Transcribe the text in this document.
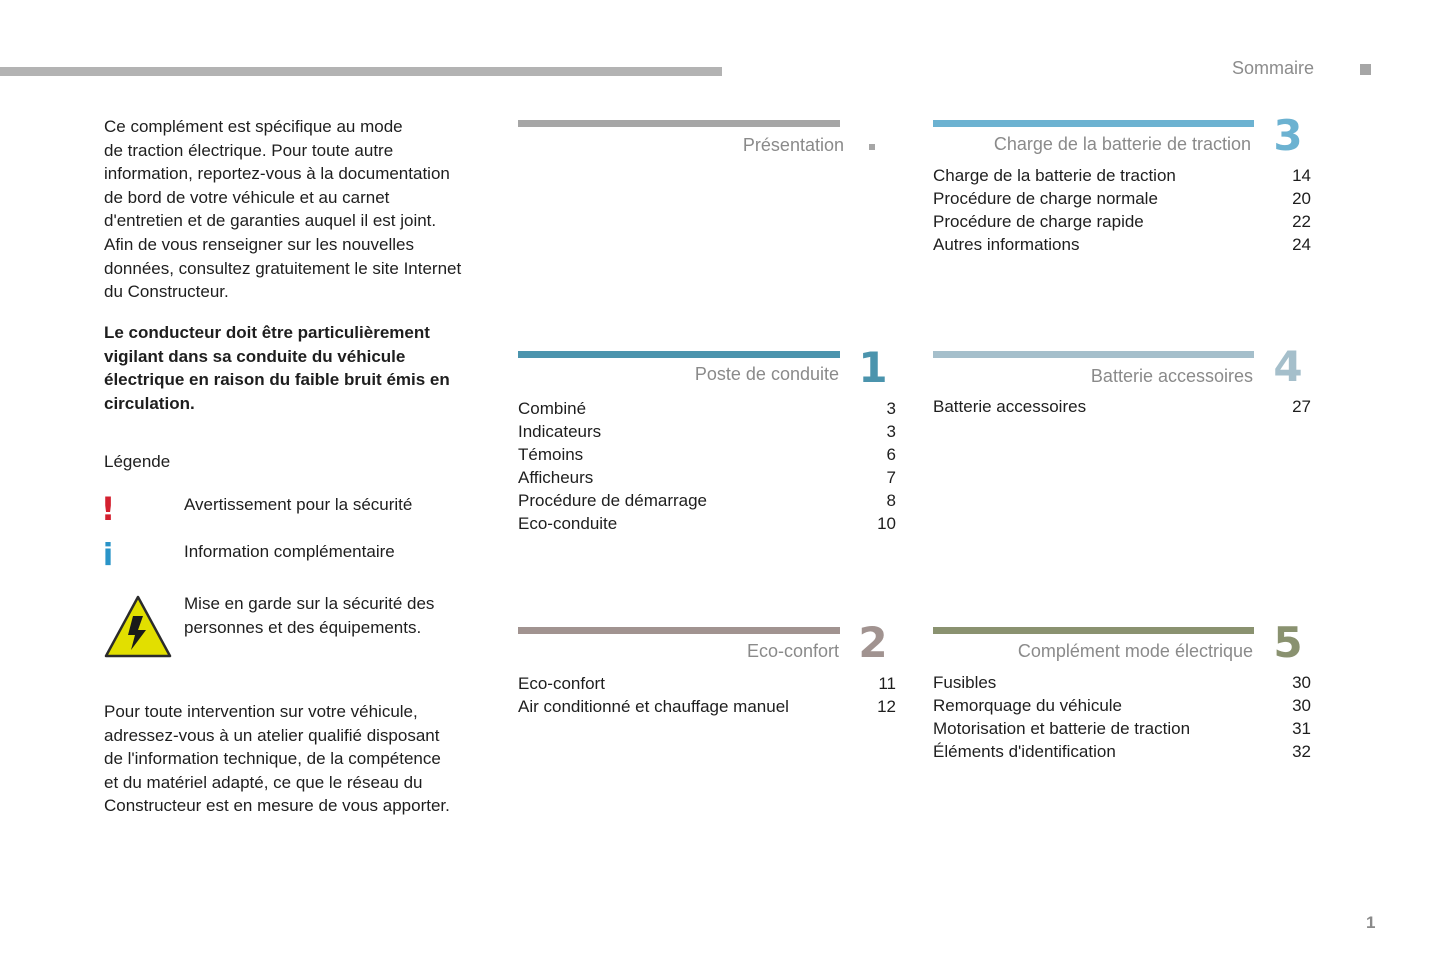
Sommaire
Ce complément est spécifique au mode
de traction électrique. Pour toute autre
information, reportez-vous à la documentation
de bord de votre véhicule et au carnet
d'entretien et de garanties auquel il est joint.
Afin de vous renseigner sur les nouvelles
données, consultez gratuitement le site Internet
du Constructeur.
Le conducteur doit être particulièrement
vigilant dans sa conduite du véhicule
électrique en raison du faible bruit émis en
circulation.
Légende
!	Avertissement pour la sécurité
i	Information complémentaire
Mise en garde sur la sécurité des
personnes et des équipements.
Pour toute intervention sur votre véhicule,
adressez-vous à un atelier qualifié disposant
de l'information technique, de la compétence
et du matériel adapté, ce que le réseau du
Constructeur est en mesure de vous apporter.
Présentation
Poste de conduite 1
Combiné	3
Indicateurs	3
Témoins	6
Afficheurs	7
Procédure de démarrage	8
Eco-conduite	10
Eco-confort 2
Eco-confort	11
Air conditionné et chauffage manuel	12
Charge de la batterie de traction 3
Charge de la batterie de traction	14
Procédure de charge normale	20
Procédure de charge rapide	22
Autres informations	24
Batterie accessoires 4
Batterie accessoires	27
Complément mode électrique 5
Fusibles	30
Remorquage du véhicule	30
Motorisation et batterie de traction	31
Éléments d'identification	32
1
